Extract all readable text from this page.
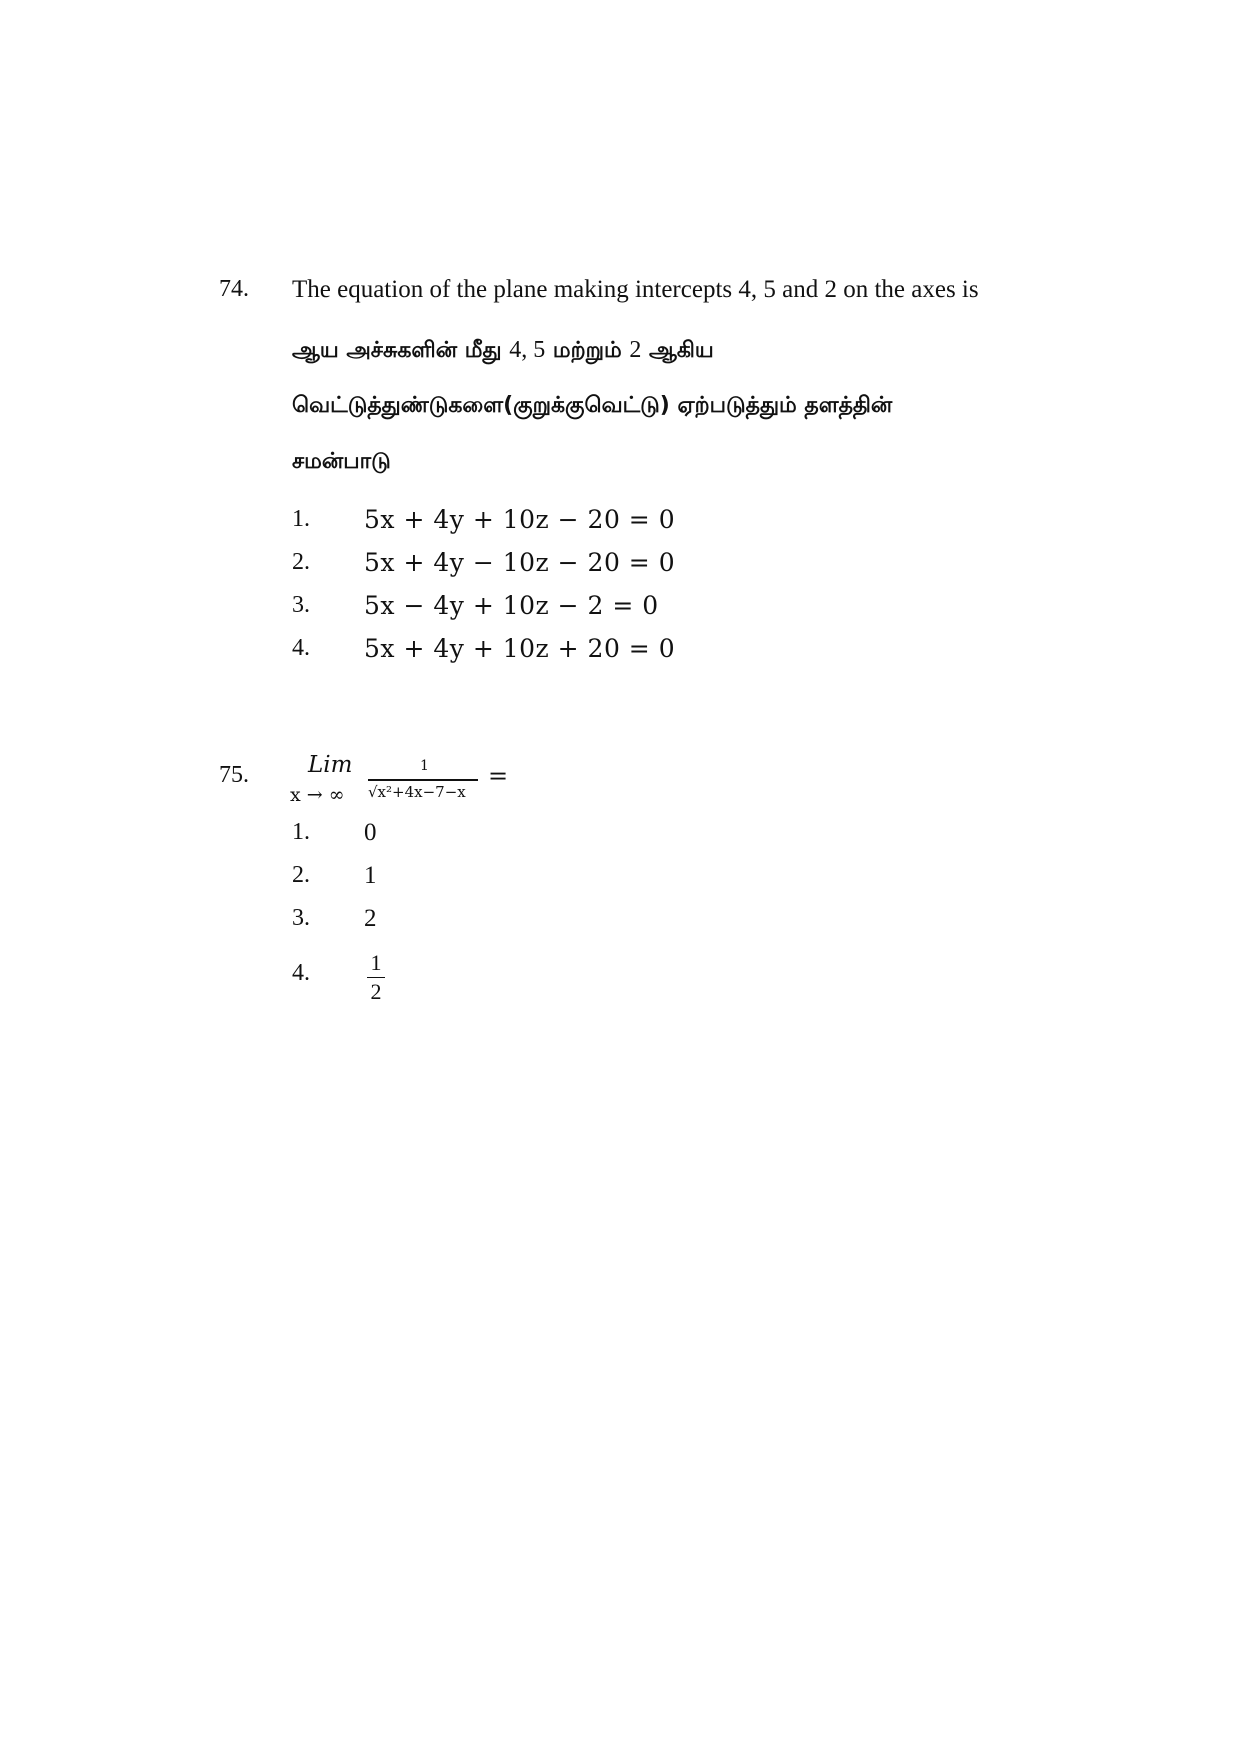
74. The equation of the plane making intercepts 4, 5 and 2 on the axes is
ஆய அச்சுகளின் மீது 4, 5 மற்றும் 2 ஆகிய
வெட்டுத்துண்டுகளை(குறுக்குவெட்டு) ஏற்படுத்தும் தளத்தின்
சமன்பாடு
1. 5x + 4y + 10z − 20 = 0
2. 5x + 4y − 10z − 20 = 0
3. 5x − 4y + 10z − 2 = 0
4. 5x + 4y + 10z + 20 = 0
75.	Lim
x → ∞
1
√x²+4x−7−x
=
1. 0
2. 1
3. 2
4.	1
2
